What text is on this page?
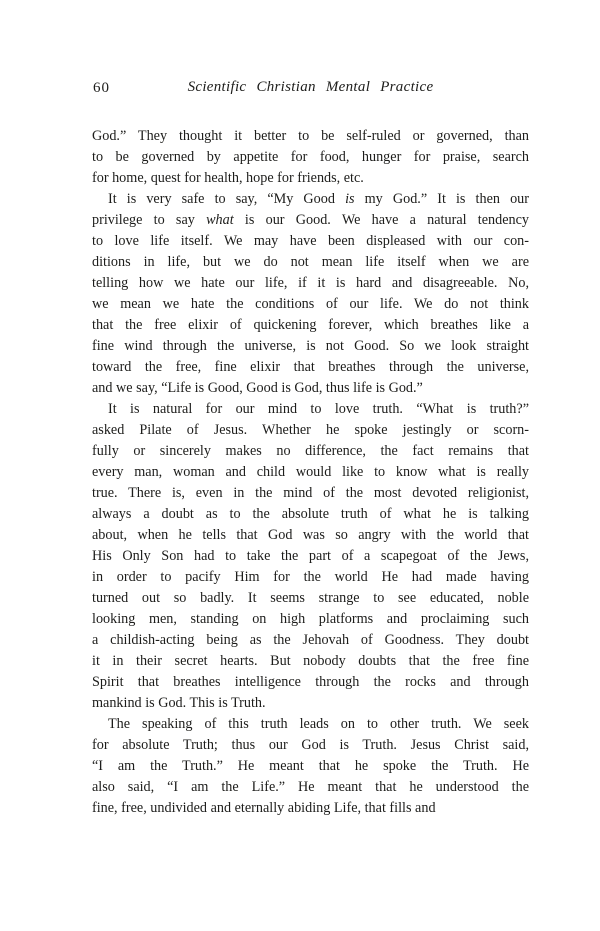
60	Scientific Christian Mental Practice
God.” They thought it better to be self-ruled or governed, than
to be governed by appetite for food, hunger for praise, search
for home, quest for health, hope for friends, etc.
It is very safe to say, “My Good is my God.” It is then our
privilege to say what is our Good. We have a natural tendency
to love life itself. We may have been displeased with our con-
ditions in life, but we do not mean life itself when we are
telling how we hate our life, if it is hard and disagreeable. No,
we mean we hate the conditions of our life. We do not think
that the free elixir of quickening forever, which breathes like a
fine wind through the universe, is not Good. So we look straight
toward the free, fine elixir that breathes through the universe,
and we say, “Life is Good, Good is God, thus life is God.”
It is natural for our mind to love truth. “What is truth?”
asked Pilate of Jesus. Whether he spoke jestingly or scorn-
fully or sincerely makes no difference, the fact remains that
every man, woman and child would like to know what is really
true. There is, even in the mind of the most devoted religionist,
always a doubt as to the absolute truth of what he is talking
about, when he tells that God was so angry with the world that
His Only Son had to take the part of a scapegoat of the Jews,
in order to pacify Him for the world He had made having
turned out so badly. It seems strange to see educated, noble
looking men, standing on high platforms and proclaiming such
a childish-acting being as the Jehovah of Goodness. They doubt
it in their secret hearts. But nobody doubts that the free fine
Spirit that breathes intelligence through the rocks and through
mankind is God. This is Truth.
The speaking of this truth leads on to other truth. We seek
for absolute Truth; thus our God is Truth. Jesus Christ said,
“I am the Truth.” He meant that he spoke the Truth. He
also said, “I am the Life.” He meant that he understood the
fine, free, undivided and eternally abiding Life, that fills and
